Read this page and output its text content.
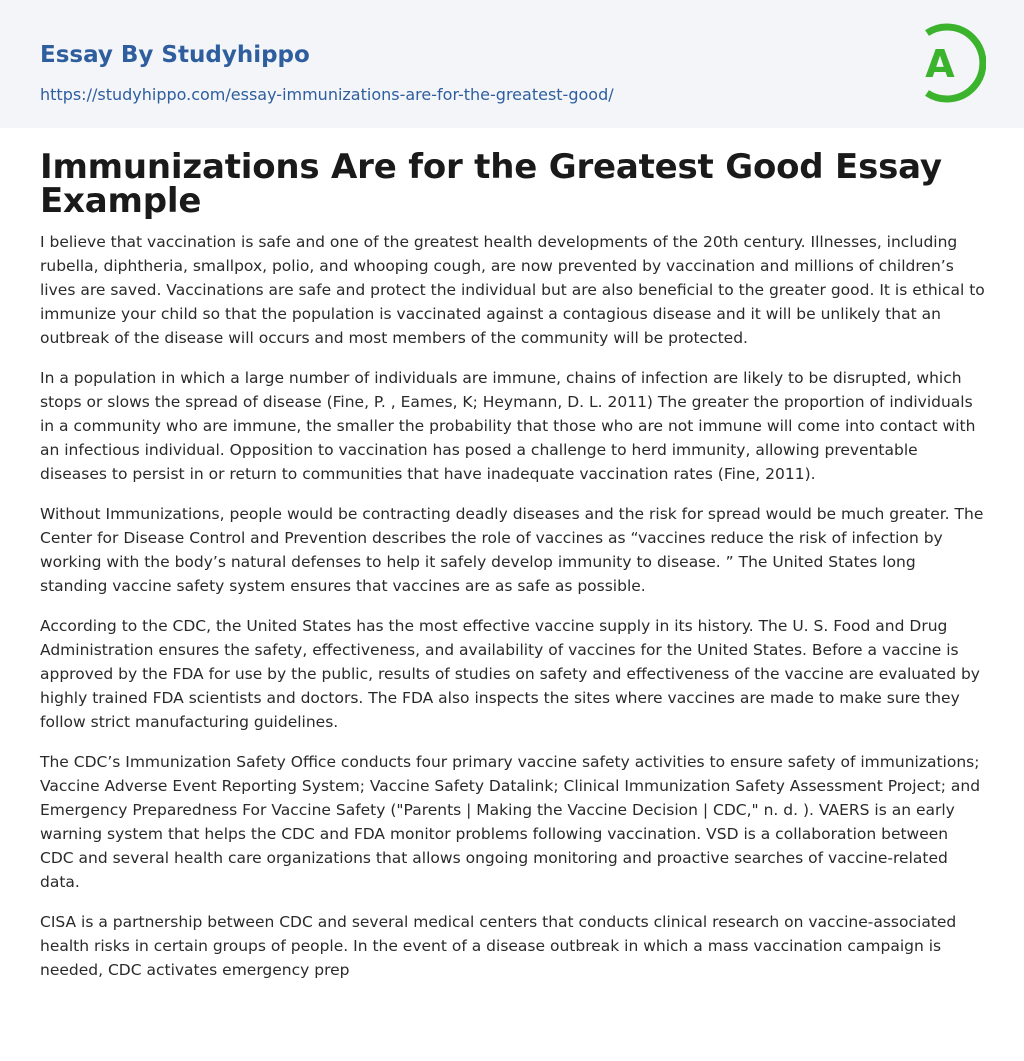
Essay By Studyhippo
https://studyhippo.com/essay-immunizations-are-for-the-greatest-good/
A
Immunizations Are for the Greatest Good Essay Example

I believe that vaccination is safe and one of the greatest health developments of the 20th century. Illnesses, including rubella, diphtheria, smallpox, polio, and whooping cough, are now prevented by vaccination and millions of children’s lives are saved. Vaccinations are safe and protect the individual but are also beneficial to the greater good. It is ethical to immunize your child so that the population is vaccinated against a contagious disease and it will be unlikely that an outbreak of the disease will occurs and most members of the community will be protected.

In a population in which a large number of individuals are immune, chains of infection are likely to be disrupted, which stops or slows the spread of disease (Fine, P. , Eames, K; Heymann, D. L. 2011) The greater the proportion of individuals in a community who are immune, the smaller the probability that those who are not immune will come into contact with an infectious individual. Opposition to vaccination has posed a challenge to herd immunity, allowing preventable diseases to persist in or return to communities that have inadequate vaccination rates (Fine, 2011).

Without Immunizations, people would be contracting deadly diseases and the risk for spread would be much greater. The Center for Disease Control and Prevention describes the role of vaccines as “vaccines reduce the risk of infection by working with the body’s natural defenses to help it safely develop immunity to disease. ” The United States long standing vaccine safety system ensures that vaccines are as safe as possible.

According to the CDC, the United States has the most effective vaccine supply in its history. The U. S. Food and Drug Administration ensures the safety, effectiveness, and availability of vaccines for the United States. Before a vaccine is approved by the FDA for use by the public, results of studies on safety and effectiveness of the vaccine are evaluated by highly trained FDA scientists and doctors. The FDA also inspects the sites where vaccines are made to make sure they follow strict manufacturing guidelines.

The CDC’s Immunization Safety Office conducts four primary vaccine safety activities to ensure safety of immunizations; Vaccine Adverse Event Reporting System; Vaccine Safety Datalink; Clinical Immunization Safety Assessment Project; and Emergency Preparedness For Vaccine Safety ("Parents | Making the Vaccine Decision | CDC," n. d. ). VAERS is an early warning system that helps the CDC and FDA monitor problems following vaccination. VSD is a collaboration between CDC and several health care organizations that allows ongoing monitoring and proactive searches of vaccine-related data.

CISA is a partnership between CDC and several medical centers that conducts clinical research on vaccine-associated health risks in certain groups of people. In the event of a disease outbreak in which a mass vaccination campaign is needed, CDC activates emergency prep
